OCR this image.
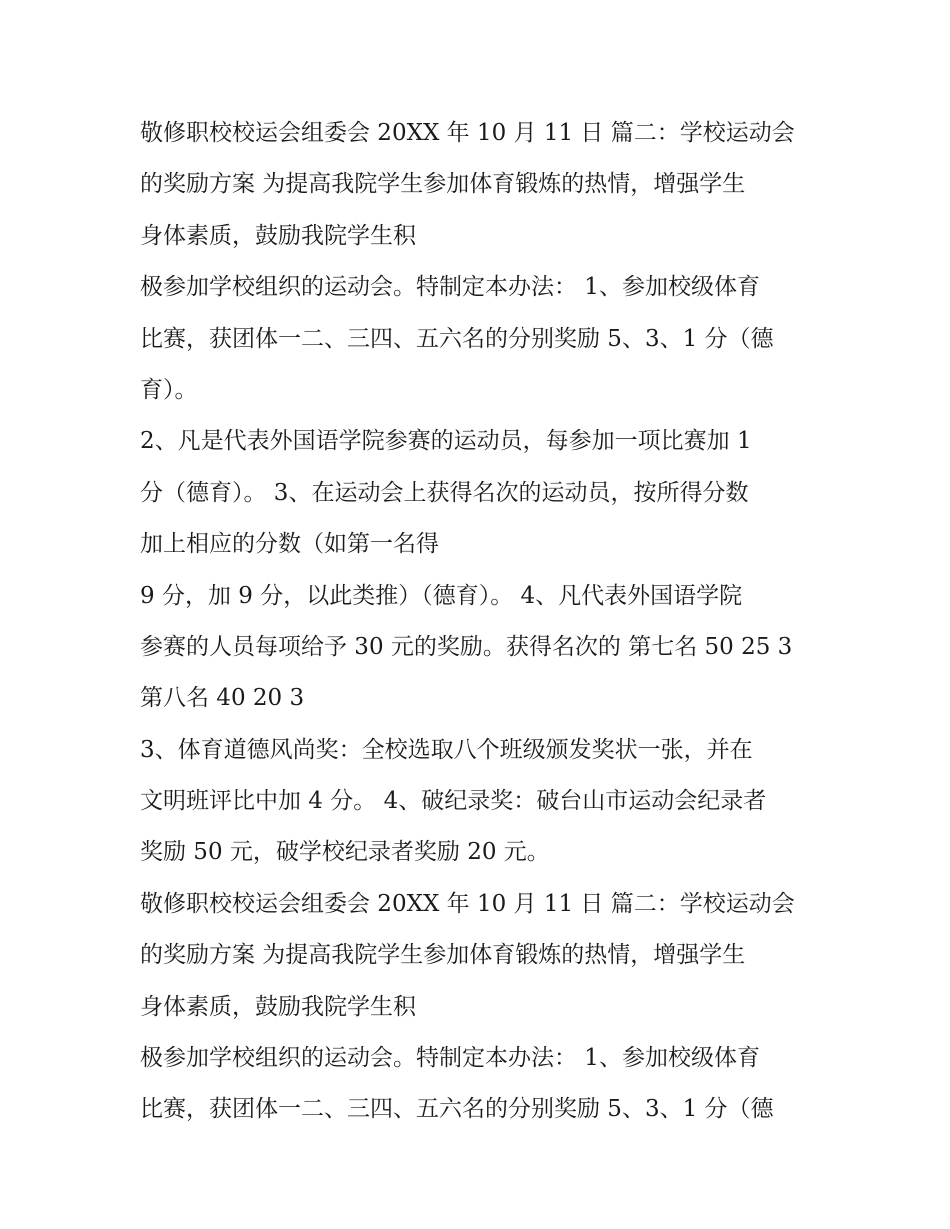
敬修职校校运会组委会 20XX 年 10 月 11 日 篇二：学校运动会
的奖励方案 为提高我院学生参加体育锻炼的热情，增强学生
身体素质，鼓励我院学生积
极参加学校组织的运动会。特制定本办法： 1、参加校级体育
比赛，获团体一二、三四、五六名的分别奖励 5、3、1 分（德
育）。
2、凡是代表外国语学院参赛的运动员，每参加一项比赛加 1
分（德育）。 3、在运动会上获得名次的运动员，按所得分数
加上相应的分数（如第一名得
9 分，加 9 分，以此类推）（德育）。 4、凡代表外国语学院
参赛的人员每项给予 30 元的奖励。获得名次的 第七名 50 25 3
第八名 40 20 3
3、体育道德风尚奖：全校选取八个班级颁发奖状一张，并在
文明班评比中加 4 分。 4、破纪录奖：破台山市运动会纪录者
奖励 50 元，破学校纪录者奖励 20 元。
敬修职校校运会组委会 20XX 年 10 月 11 日 篇二：学校运动会
的奖励方案 为提高我院学生参加体育锻炼的热情，增强学生
身体素质，鼓励我院学生积
极参加学校组织的运动会。特制定本办法： 1、参加校级体育
比赛，获团体一二、三四、五六名的分别奖励 5、3、1 分（德
